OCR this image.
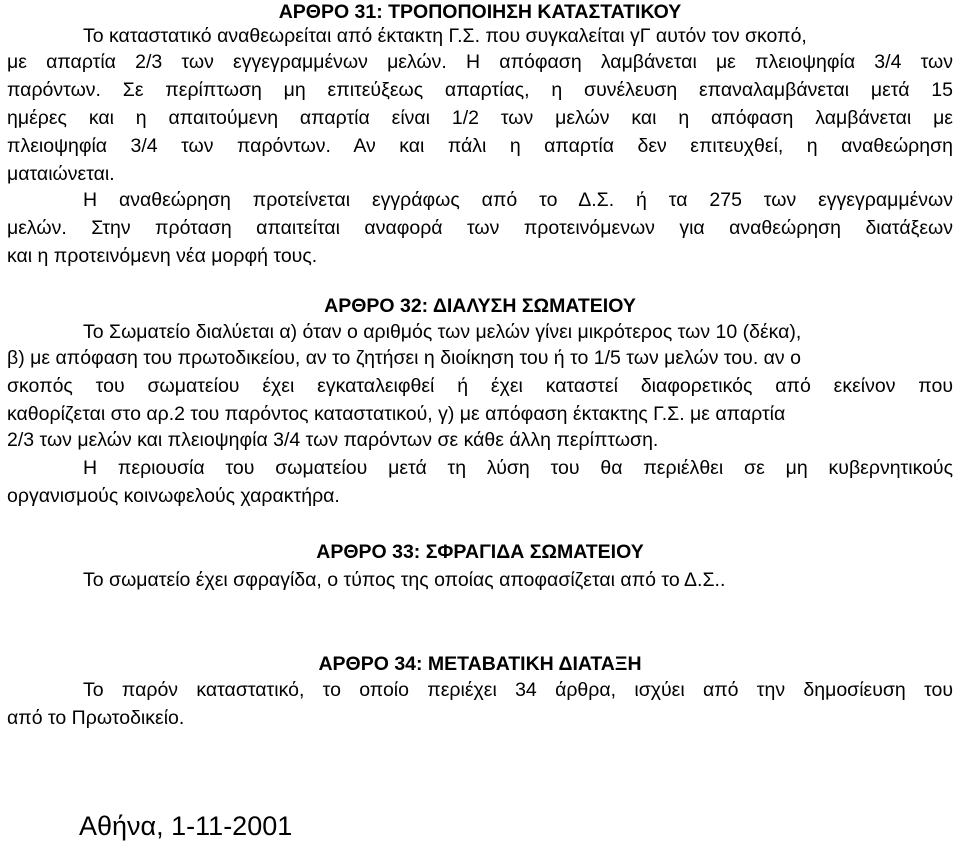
ΑΡΘΡΟ 31: ΤΡΟΠΟΠΟΙΗΣΗ ΚΑΤΑΣΤΑΤΙΚΟΥ
Το καταστατικό αναθεωρείται από έκτακτη Γ.Σ. που συγκαλείται γΓ αυτόν τον σκοπό,
με απαρτία 2/3 των εγγεγραμμένων μελών. Η απόφαση λαμβάνεται με πλειοψηφία 3/4 των
παρόντων. Σε περίπτωση μη επιτεύξεως απαρτίας, η συνέλευση επαναλαμβάνεται μετά 15
ημέρες και η απαιτούμενη απαρτία είναι 1/2 των μελών και η απόφαση λαμβάνεται με
πλειοψηφία 3/4 των παρόντων. Αν και πάλι η απαρτία δεν επιτευχθεί, η αναθεώρηση
ματαιώνεται.
Η αναθεώρηση προτείνεται εγγράφως από το Δ.Σ. ή τα 275 των εγγεγραμμένων
μελών. Στην πρόταση απαιτείται αναφορά των προτεινόμενων για αναθεώρηση διατάξεων
και η προτεινόμενη νέα μορφή τους.
ΑΡΘΡΟ 32: ΔΙΑΛΥΣΗ ΣΩΜΑΤΕΙΟΥ
Το Σωματείο διαλύεται α) όταν ο αριθμός των μελών γίνει μικρότερος των 10 (δέκα),
β) με απόφαση του πρωτοδικείου, αν το ζητήσει η διοίκηση του ή το 1/5 των μελών του. αν ο
σκοπός του σωματείου έχει εγκαταλειφθεί ή έχει καταστεί διαφορετικός από εκείνον που
καθορίζεται στο αρ.2 του παρόντος καταστατικού, γ) με απόφαση έκτακτης Γ.Σ. με απαρτία
2/3 των μελών και πλειοψηφία 3/4 των παρόντων σε κάθε άλλη περίπτωση.
Η περιουσία του σωματείου μετά τη λύση του θα περιέλθει σε μη κυβερνητικούς
οργανισμούς κοινωφελούς χαρακτήρα.
ΑΡΘΡΟ 33: ΣΦΡΑΓΙΔΑ ΣΩΜΑΤΕΙΟΥ
Το σωματείο έχει σφραγίδα, ο τύπος της οποίας αποφασίζεται από το Δ.Σ..
ΑΡΘΡΟ 34: ΜΕΤΑΒΑΤΙΚΗ ΔΙΑΤΑΞΗ
Το παρόν καταστατικό, το οποίο περιέχει 34 άρθρα, ισχύει από την δημοσίευση του
από το Πρωτοδικείο.
Αθήνα, 1-11-2001
